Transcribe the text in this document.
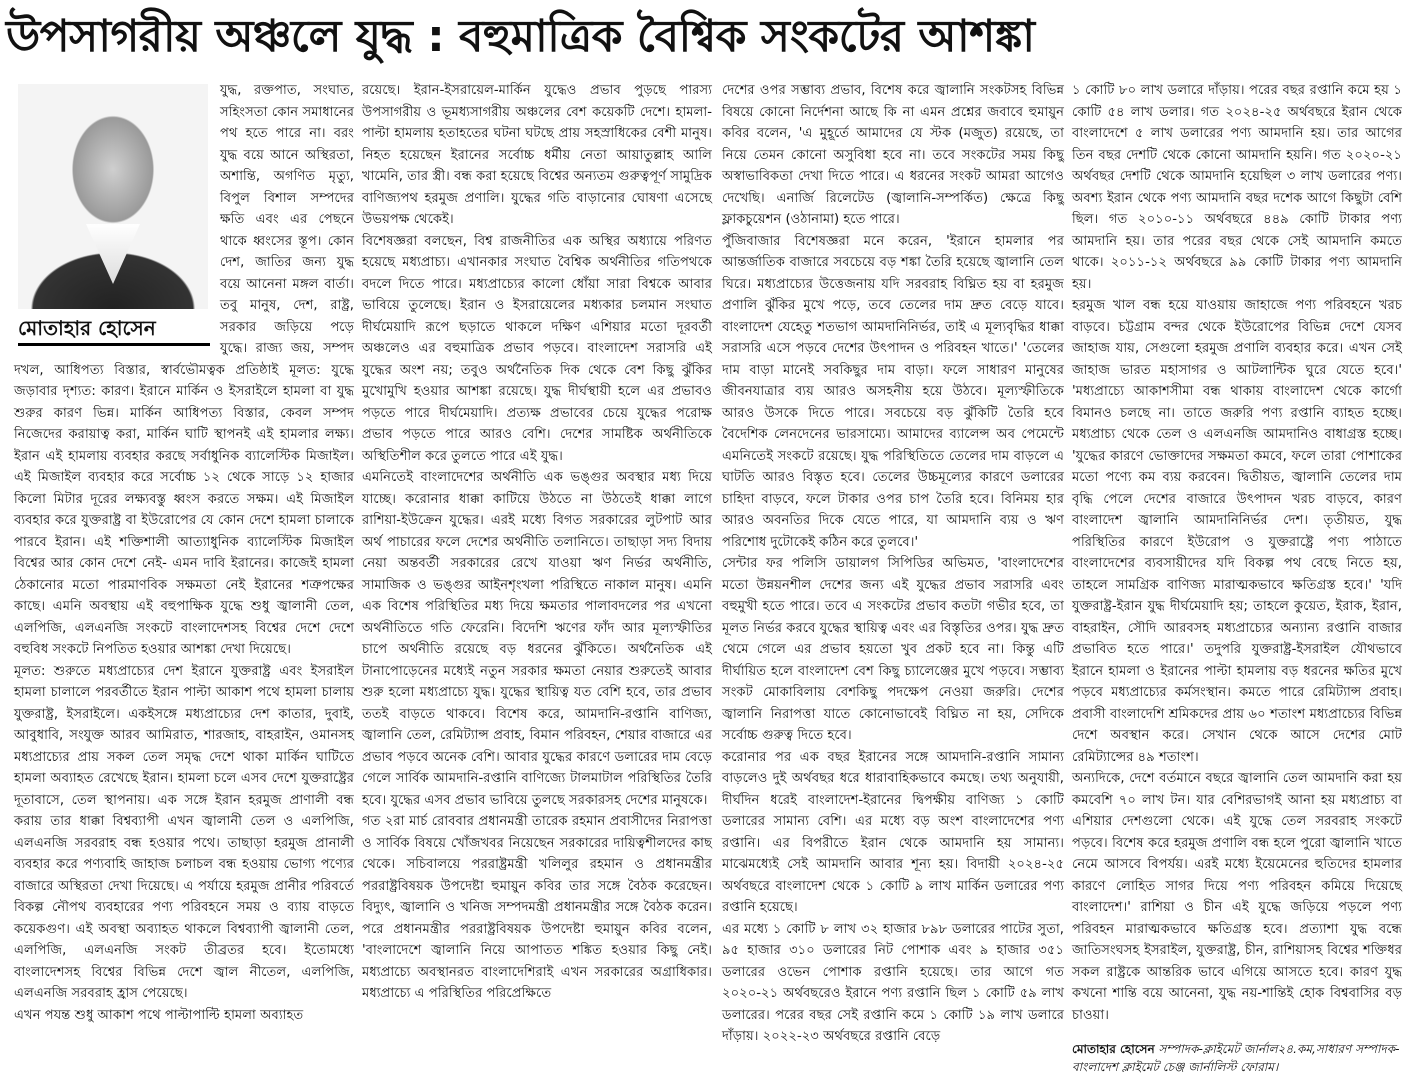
উপসাগরীয় অঞ্চলে যুদ্ধ : বহুমাত্রিক বৈশ্বিক সংকটের আশঙ্কা
মোতাহার হোসেন

যুদ্ধ, রক্তপাত, সংঘাত, সহিংসতা কোন সমাধানের পথ হতে পারে না। বরং যুদ্ধ বয়ে আনে অস্থিরতা, অশান্তি, অগণিত মৃত্যু, বিপুল বিশাল সম্পদের ক্ষতি এবং এর পেছনে থাকে ধ্বংসের স্তূপ। কোন দেশ, জাতির জন্য যুদ্ধ বয়ে আনেনা মঙ্গল বার্তা। তবু মানুষ, দেশ, রাষ্ট্র, সরকার জড়িয়ে পড়ে যুদ্ধে। রাজ্য জয়, সম্পদ দখল, আধিপত্য বিস্তার, স্বার্বভৌমত্বক প্রতিষ্ঠাই মূলত: যুদ্ধে জড়াবার দৃশ্যত: কারণ। ইরানে মার্কিন ও ইসরাইলে হামলা বা যুদ্ধ শুরুর কারণ ভিন্ন। মার্কিন আধিপত্য বিস্তার, কেবল সম্পদ নিজেদের করায়াত্ব করা, মার্কিন ঘাটি স্থাপনই এই হামলার লক্ষ্য। ইরান এই হামলায় ব্যবহার করছে সর্বাধুনিক ব্যালেস্টিক মিজাইল। এই মিজাইল ব্যবহার করে সর্বোচ্চ ১২ থেকে সাড়ে ১২ হাজার কিলো মিটার দূরের লক্ষ্যবস্তু ধ্বংস করতে সক্ষম। এই মিজাইল ব্যবহার করে যুক্তরাষ্ট্র বা ইউরোপের যে কোন দেশে হামলা চালাকে পারবে ইরান। এই শক্তিশালী আত্যাধুনিক ব্যালেস্টিক মিজাইল বিশ্বের আর কোন দেশে নেই- এমন দাবি ইরানের। কাজেই হামলা ঠেকানোর মতো পারমাণবিক সক্ষমতা নেই ইরানের শত্রুপক্ষের কাছে। এমনি অবস্থায় এই বহুপাক্ষিক যুদ্ধে শুধু জ্বালানী তেল, এলপিজি, এলএনজি সংকটে বাংলাদেশসহ বিশ্বের দেশে দেশে বহুবিধ সংকটে নিপতিত হওয়ার আশঙ্কা দেখা দিয়েছে।

মূলত: শুরুতে মধ্যপ্রাচ্যের দেশ ইরানে যুক্তরাষ্ট্র এবং ইসরাইল হামলা চালালে পরবর্তীতে ইরান পাল্টা আকাশ পথে হামলা চালায় যুক্তরাষ্ট্র, ইসরাইলে। একইসঙ্গে মধ্যপ্রাচ্যের দেশ কাতার, দুবাই, আবুধাবি, সংযুক্ত আরব আমিরাত, শারজাহ, বাহরাইন, ওমানসহ মধ্যপ্রাচ্যের প্রায় সকল তেল সমৃদ্ধ দেশে থাকা মার্কিন ঘাটিতে হামলা অব্যাহত রেখেছে ইরান। হামলা চলে এসব দেশে যুক্তরাষ্ট্রের দূতাবাসে, তেল স্থাপনায়। এক সঙ্গে ইরান হরমুজ প্রাণালী বন্ধ করায় তার ধাক্কা বিশ্বব্যাপী এখন জ্বালানী তেল ও এলপিজি, এলএনজি সরবরাহ বন্ধ হওয়ার পথে। তাছাড়া হরমুজ প্রানালী ব্যবহার করে পণ্যবাহি জাহাজ চলাচল বন্ধ হওয়ায় ভোগ্য পণ্যের বাজারে অস্থিরতা দেখা দিয়েছে। এ পর্যায়ে হরমুজ প্রানীর পরিবর্তে বিকল্প নৌপথ ব্যবহারের পণ্য পরিবহনে সময় ও ব্যায় বাড়তে কয়েকগুণ। এই অবস্থা অব্যাহত থাকলে বিশ্বব্যাপী জ্বালানী তেল, এলপিজি, এলএনজি সংকট তীব্রতর হবে। ইতোমধ্যে বাংলাদেশসহ বিশ্বের বিভিন্ন দেশে জ্বাল নীতেল, এলপিজি, এলএনজি সরবরাহ হ্রাস পেয়েছে।

এখন পযন্ত শুধু আকাশ পথে পাল্টাপাল্টি হামলা অব্যাহত

রয়েছে। ইরান-ইসরায়েল-মার্কিন যুদ্ধেও প্রভাব পুড়ছে পারস্য উপসাগরীয় ও ভূমধ্যসাগরীয় অঞ্চলের বেশ কয়েকটি দেশে। হামলা-পাল্টা হামলায় হতাহতের ঘটনা ঘটছে প্রায় সহস্রাধিকের বেশী মানুষ। নিহত হয়েছেন ইরানের সর্বোচ্চ ধর্মীয় নেতা আয়াতুল্লাহ আলি খামেনি, তার স্ত্রী। বন্ধ করা হয়েছে বিশ্বের অন্যতম গুরুত্বপূর্ণ সামুদ্রিক বাণিজ্যপথ হরমুজ প্রণালি। যুদ্ধের গতি বাড়ানোর ঘোষণা এসেছে উভয়পক্ষ থেকেই।

বিশেষজ্ঞরা বলছেন, বিশ্ব রাজনীতির এক অস্থির অধ্যায়ে পরিণত হয়েছে মধ্যপ্রাচ্য। এখানকার সংঘাত বৈশ্বিক অর্থনীতির গতিপথকে বদলে দিতে পারে। মধ্যপ্রাচ্যের কালো ধোঁয়া সারা বিশ্বকে আবার ভাবিয়ে তুলেছে। ইরান ও ইসরায়েলের মধ্যকার চলমান সংঘাত দীর্ঘমেয়াদি রূপে ছড়াতে থাকলে দক্ষিণ এশিয়ার মতো দূরবর্তী অঞ্চলেও এর বহুমাত্রিক প্রভাব পড়বে। বাংলাদেশ সরাসরি এই যুদ্ধের অংশ নয়; তবুও অর্থনৈতিক দিক থেকে বেশ কিছু ঝুঁকির মুখোমুখি হওয়ার আশঙ্কা রয়েছে। যুদ্ধ দীর্ঘস্থায়ী হলে এর প্রভাবও পড়তে পারে দীর্ঘমেয়াদি। প্রত্যক্ষ প্রভাবের চেয়ে যুদ্ধের পরোক্ষ প্রভাব পড়তে পারে আরও বেশি। দেশের সামষ্টিক অর্থনীতিকে অস্থিতিশীল করে তুলতে পারে এই যুদ্ধ।

এমনিতেই বাংলাদেশের অর্থনীতি এক ভঙ্গুর অবস্থার মধ্য দিয়ে যাচ্ছে। করোনার ধাক্কা কাটিয়ে উঠতে না উঠতেই ধাক্কা লাগে রাশিয়া-ইউক্রেন যুদ্ধের। এরই মধ্যে বিগত সরকারের লুটপাট আর অর্থ পাচারের ফলে দেশের অর্থনীতি তলানিতে। তাছাড়া সদ্য বিদায় নেয়া অন্তবর্তী সরকারের রেখে যাওয়া ঋণ নির্ভর অর্থনীতি, সামাজিক ও ভঙ্গুর আইনশৃংখলা পরিস্থিতে নাকাল মানুষ। এমনি এক বিশেষ পরিস্থিতির মধ্য দিয়ে ক্ষমতার পালাবদলের পর এখনো অর্থনীতিতে গতি ফেরেনি। বিদেশি ঋণের ফাঁদ আর মূল্যস্ফীতির চাপে অর্থনীতি রয়েছে বড় ধরনের ঝুঁকিতে। অর্থনৈতিক এই টানাপোড়েনের মধ্যেই নতুন সরকার ক্ষমতা নেয়ার শুরুতেই আবার শুরু হলো মধ্যপ্রাচ্যে যুদ্ধ। যুদ্ধের স্থায়িত্ব যত বেশি হবে, তার প্রভাব ততই বাড়তে থাকবে। বিশেষ করে, আমদানি-রপ্তানি বাণিজ্য, জ্বালানি তেল, রেমিট্যান্স প্রবাহ, বিমান পরিবহন, শেয়ার বাজারে এর প্রভাব পড়বে অনেক বেশি। আবার যুদ্ধের কারণে ডলারের দাম বেড়ে গেলে সার্বিক আমদানি-রপ্তানি বাণিজ্যে টালমাটাল পরিস্থিতির তৈরি হবে। যুদ্ধের এসব প্রভাব ভাবিয়ে তুলছে সরকারসহ দেশের মানুষকে।

গত ২রা মার্চ রোববার প্রধানমন্ত্রী তারেক রহমান প্রবাসীদের নিরাপত্তা ও সার্বিক বিষয়ে খোঁজখবর নিয়েছেন সরকারের দায়িত্বশীলদের কাছ থেকে। সচিবালয়ে পররাষ্ট্রমন্ত্রী খলিলুর রহমান ও প্রধানমন্ত্রীর পররাষ্ট্রবিষয়ক উপদেষ্টা হুমায়ুন কবির তার সঙ্গে বৈঠক করেছেন। বিদ্যুৎ, জ্বালানি ও খনিজ সম্পদমন্ত্রী প্রধানমন্ত্রীর সঙ্গে বৈঠক করেন। পরে প্রধানমন্ত্রীর পররাষ্ট্রবিষয়ক উপদেষ্টা হুমায়ুন কবির বলেন, 'বাংলাদেশে জ্বালানি নিয়ে আপাতত শঙ্কিত হওয়ার কিছু নেই। মধ্যপ্রাচ্যে অবস্থানরত বাংলাদেশিরাই এখন সরকারের অগ্রাধিকার। মধ্যপ্রাচ্যে এ পরিস্থিতির পরিপ্রেক্ষিতে

দেশের ওপর সম্ভাব্য প্রভাব, বিশেষ করে জ্বালানি সংকটসহ বিভিন্ন বিষয়ে কোনো নির্দেশনা আছে কি না এমন প্রশ্নের জবাবে হুমায়ুন কবির বলেন, 'এ মুহূর্তে আমাদের যে স্টক (মজুত) রয়েছে, তা নিয়ে তেমন কোনো অসুবিধা হবে না। তবে সংকটের সময় কিছু অস্বাভাবিকতা দেখা দিতে পারে। এ ধরনের সংকট আমরা আগেও দেখেছি। এনার্জি রিলেটেড (জ্বালানি-সম্পর্কিত) ক্ষেত্রে কিছু ফ্লাকচুয়েশন (ওঠানামা) হতে পারে।

পুঁজিবাজার বিশেষজ্ঞরা মনে করেন, 'ইরানে হামলার পর আন্তর্জাতিক বাজারে সবচেয়ে বড় শঙ্কা তৈরি হয়েছে জ্বালানি তেল ঘিরে। মধ্যপ্রাচ্যের উত্তেজনায় যদি সরবরাহ বিঘ্নিত হয় বা হরমুজ প্রণালি ঝুঁকির মুখে পড়ে, তবে তেলের দাম দ্রুত বেড়ে যাবে। বাংলাদেশ যেহেতু শতভাগ আমদানিনির্ভর, তাই এ মূল্যবৃদ্ধির ধাক্কা সরাসরি এসে পড়বে দেশের উৎপাদন ও পরিবহন খাতে।' 'তেলের দাম বাড়া মানেই সবকিছুর দাম বাড়া। ফলে সাধারণ মানুষের জীবনযাত্রার ব্যয় আরও অসহনীয় হয়ে উঠবে। মূল্যস্ফীতিকে আরও উসকে দিতে পারে। সবচেয়ে বড় ঝুঁকিটি তৈরি হবে বৈদেশিক লেনদেনের ভারসাম্যে। আমাদের ব্যালেন্স অব পেমেন্টে এমনিতেই সংকটে রয়েছে। যুদ্ধ পরিস্থিতিতে তেলের দাম বাড়লে এ ঘাটতি আরও বিস্তৃত হবে। তেলের উচ্চমূল্যের কারণে ডলারের চাহিদা বাড়বে, ফলে টাকার ওপর চাপ তৈরি হবে। বিনিময় হার আরও অবনতির দিকে যেতে পারে, যা আমদানি ব্যয় ও ঋণ পরিশোধ দুটোকেই কঠিন করে তুলবে।'

সেন্টার ফর পলিসি ডায়ালগ সিপিডির অভিমত, 'বাংলাদেশের মতো উন্নয়নশীল দেশের জন্য এই যুদ্ধের প্রভাব সরাসরি এবং বহুমুখী হতে পারে। তবে এ সংকটের প্রভাব কতটা গভীর হবে, তা মূলত নির্ভর করবে যুদ্ধের স্থায়িত্ব এবং এর বিস্তৃতির ওপর। যুদ্ধ দ্রুত থেমে গেলে এর প্রভাব হয়তো খুব প্রকট হবে না। কিন্তু এটি দীর্ঘায়িত হলে বাংলাদেশ বেশ কিছু চ্যালেঞ্জের মুখে পড়বে। সম্ভাব্য সংকট মোকাবিলায় বেশকিছু পদক্ষেপ নেওয়া জরুরি। দেশের জ্বালানি নিরাপত্তা যাতে কোনোভাবেই বিঘ্নিত না হয়, সেদিকে সর্বোচ্চ গুরুত্ব দিতে হবে।

করোনার পর এক বছর ইরানের সঙ্গে আমদানি-রপ্তানি সামান্য বাড়লেও দুই অর্থবছর ধরে ধারাবাহিকভাবে কমছে। তথ্য অনুযায়ী, দীর্ঘদিন ধরেই বাংলাদেশ-ইরানের দ্বিপক্ষীয় বাণিজ্য ১ কোটি ডলারের সামান্য বেশি। এর মধ্যে বড় অংশ বাংলাদেশের পণ্য রপ্তানি। এর বিপরীতে ইরান থেকে আমদানি হয় সামান্য। মাঝেমধ্যেই সেই আমদানি আবার শূন্য হয়। বিদায়ী ২০২৪-২৫ অর্থবছরে বাংলাদেশ থেকে ১ কোটি ৯ লাখ মার্কিন ডলারের পণ্য রপ্তানি হয়েছে।

এর মধ্যে ১ কোটি ৮ লাখ ৩২ হাজার ৮৯৮ ডলারের পাটের সুতা, ৯৫ হাজার ৩১০ ডলারের নিট পোশাক এবং ৯ হাজার ৩৫১ ডলারের ওভেন পোশাক রপ্তানি হয়েছে। তার আগে গত ২০২০-২১ অর্থবছরেও ইরানে পণ্য রপ্তানি ছিল ১ কোটি ৫৯ লাখ ডলারের। পরের বছর সেই রপ্তানি কমে ১ কোটি ১৯ লাখ ডলারে দাঁড়ায়। ২০২২-২৩ অর্থবছরে রপ্তানি বেড়ে

১ কোটি ৮০ লাখ ডলারে দাঁড়ায়। পরের বছর রপ্তানি কমে হয় ১ কোটি ৫৪ লাখ ডলার। গত ২০২৪-২৫ অর্থবছরে ইরান থেকে বাংলাদেশে ৫ লাখ ডলারের পণ্য আমদানি হয়। তার আগের তিন বছর দেশটি থেকে কোনো আমদানি হয়নি। গত ২০২০-২১ অর্থবছর দেশটি থেকে আমদানি হয়েছিল ৩ লাখ ডলারের পণ্য। অবশ্য ইরান থেকে পণ্য আমদানি বছর দশেক আগে কিছুটা বেশি ছিল। গত ২০১০-১১ অর্থবছরে ৪৪৯ কোটি টাকার পণ্য আমদানি হয়। তার পরের বছর থেকে সেই আমদানি কমতে থাকে। ২০১১-১২ অর্থবছরে ৯৯ কোটি টাকার পণ্য আমদানি হয়।

হরমুজ খাল বন্ধ হয়ে যাওয়ায় জাহাজে পণ্য পরিবহনে খরচ বাড়বে। চট্টগ্রাম বন্দর থেকে ইউরোপের বিভিন্ন দেশে যেসব জাহাজ যায়, সেগুলো হরমুজ প্রণালি ব্যবহার করে। এখন সেই জাহাজ ভারত মহাসাগর ও আটলান্টিক ঘুরে যেতে হবে।' 'মধ্যপ্রাচ্যে আকাশসীমা বন্ধ থাকায় বাংলাদেশ থেকে কার্গো বিমানও চলছে না। তাতে জরুরি পণ্য রপ্তানি ব্যাহত হচ্ছে। মধ্যপ্রাচ্য থেকে তেল ও এলএনজি আমদানিও বাধাগ্রস্ত হচ্ছে। 'যুদ্ধের কারণে ভোক্তাদের সক্ষমতা কমবে, ফলে তারা পোশাকের মতো পণ্যে কম ব্যয় করবেন। দ্বিতীয়ত, জ্বালানি তেলের দাম বৃদ্ধি পেলে দেশের বাজারে উৎপাদন খরচ বাড়বে, কারণ বাংলাদেশ জ্বালানি আমদানিনির্ভর দেশ। তৃতীয়ত, যুদ্ধ পরিস্থিতির কারণে ইউরোপ ও যুক্তরাষ্ট্রে পণ্য পাঠাতে বাংলাদেশের ব্যবসায়ীদের যদি বিকল্প পথ বেছে নিতে হয়, তাহলে সামগ্রিক বাণিজ্য মারাত্মকভাবে ক্ষতিগ্রস্ত হবে।' 'যদি যুক্তরাষ্ট্র-ইরান যুদ্ধ দীর্ঘমেয়াদি হয়; তাহলে কুয়েত, ইরাক, ইরান, বাহরাইন, সৌদি আরবসহ মধ্যপ্রাচ্যের অন্যান্য রপ্তানি বাজার প্রভাবিত হতে পারে।' তদুপরি যুক্তরাষ্ট্র-ইসরাইল যৌথভাবে ইরানে হামলা ও ইরানের পাল্টা হামলায় বড় ধরনের ক্ষতির মুখে পড়বে মধ্যপ্রাচ্যের কর্মসংস্থান। কমতে পারে রেমিট্যান্স প্রবাহ। প্রবাসী বাংলাদেশি শ্রমিকদের প্রায় ৬০ শতাংশ মধ্যপ্রাচ্যের বিভিন্ন দেশে অবস্থান করে। সেখান থেকে আসে দেশের মোট রেমিট্যান্সের ৪৯ শতাংশ।

অন্যদিকে, দেশে বর্তমানে বছরে জ্বালানি তেল আমদানি করা হয় কমবেশি ৭০ লাখ টন। যার বেশিরভাগই আনা হয় মধ্যপ্রাচ্য বা এশিয়ার দেশগুলো থেকে। এই যুদ্ধে তেল সরবরাহ সংকটে পড়বে। বিশেষ করে হরমুজ প্রণালি বন্ধ হলে পুরো জ্বালানি খাতে নেমে আসবে বিপর্যয়। এরই মধ্যে ইয়েমেনের হুতিদের হামলার কারণে লোহিত সাগর দিয়ে পণ্য পরিবহন কমিয়ে দিয়েছে বাংলাদেশ।' রাশিয়া ও চীন এই যুদ্ধে জড়িয়ে পড়লে পণ্য পরিবহন মারাত্মকভাবে ক্ষতিগ্রস্ত হবে। প্রত্যাশা যুদ্ধ বন্ধে জাতিসংঘসহ ইসরাইল, যুক্তরাষ্ট্র, চীন, রাশিয়াসহ বিশ্বের শক্তিধর সকল রাষ্ট্রকে আন্তরিক ভাবে এগিয়ে আসতে হবে। কারণ যুদ্ধ কখনো শান্তি বয়ে আনেনা, যুদ্ধ নয়-শান্তিই হোক বিশ্ববাসির বড় চাওয়া।

মোতাহার হোসেন সম্পাদক-ক্লাইমেট জার্নাল২৪.কম,সাধারণ সম্পাদক-বাংলাদেশ ক্লাইমেট চেঞ্জ জার্নালিস্ট ফোরাম।
